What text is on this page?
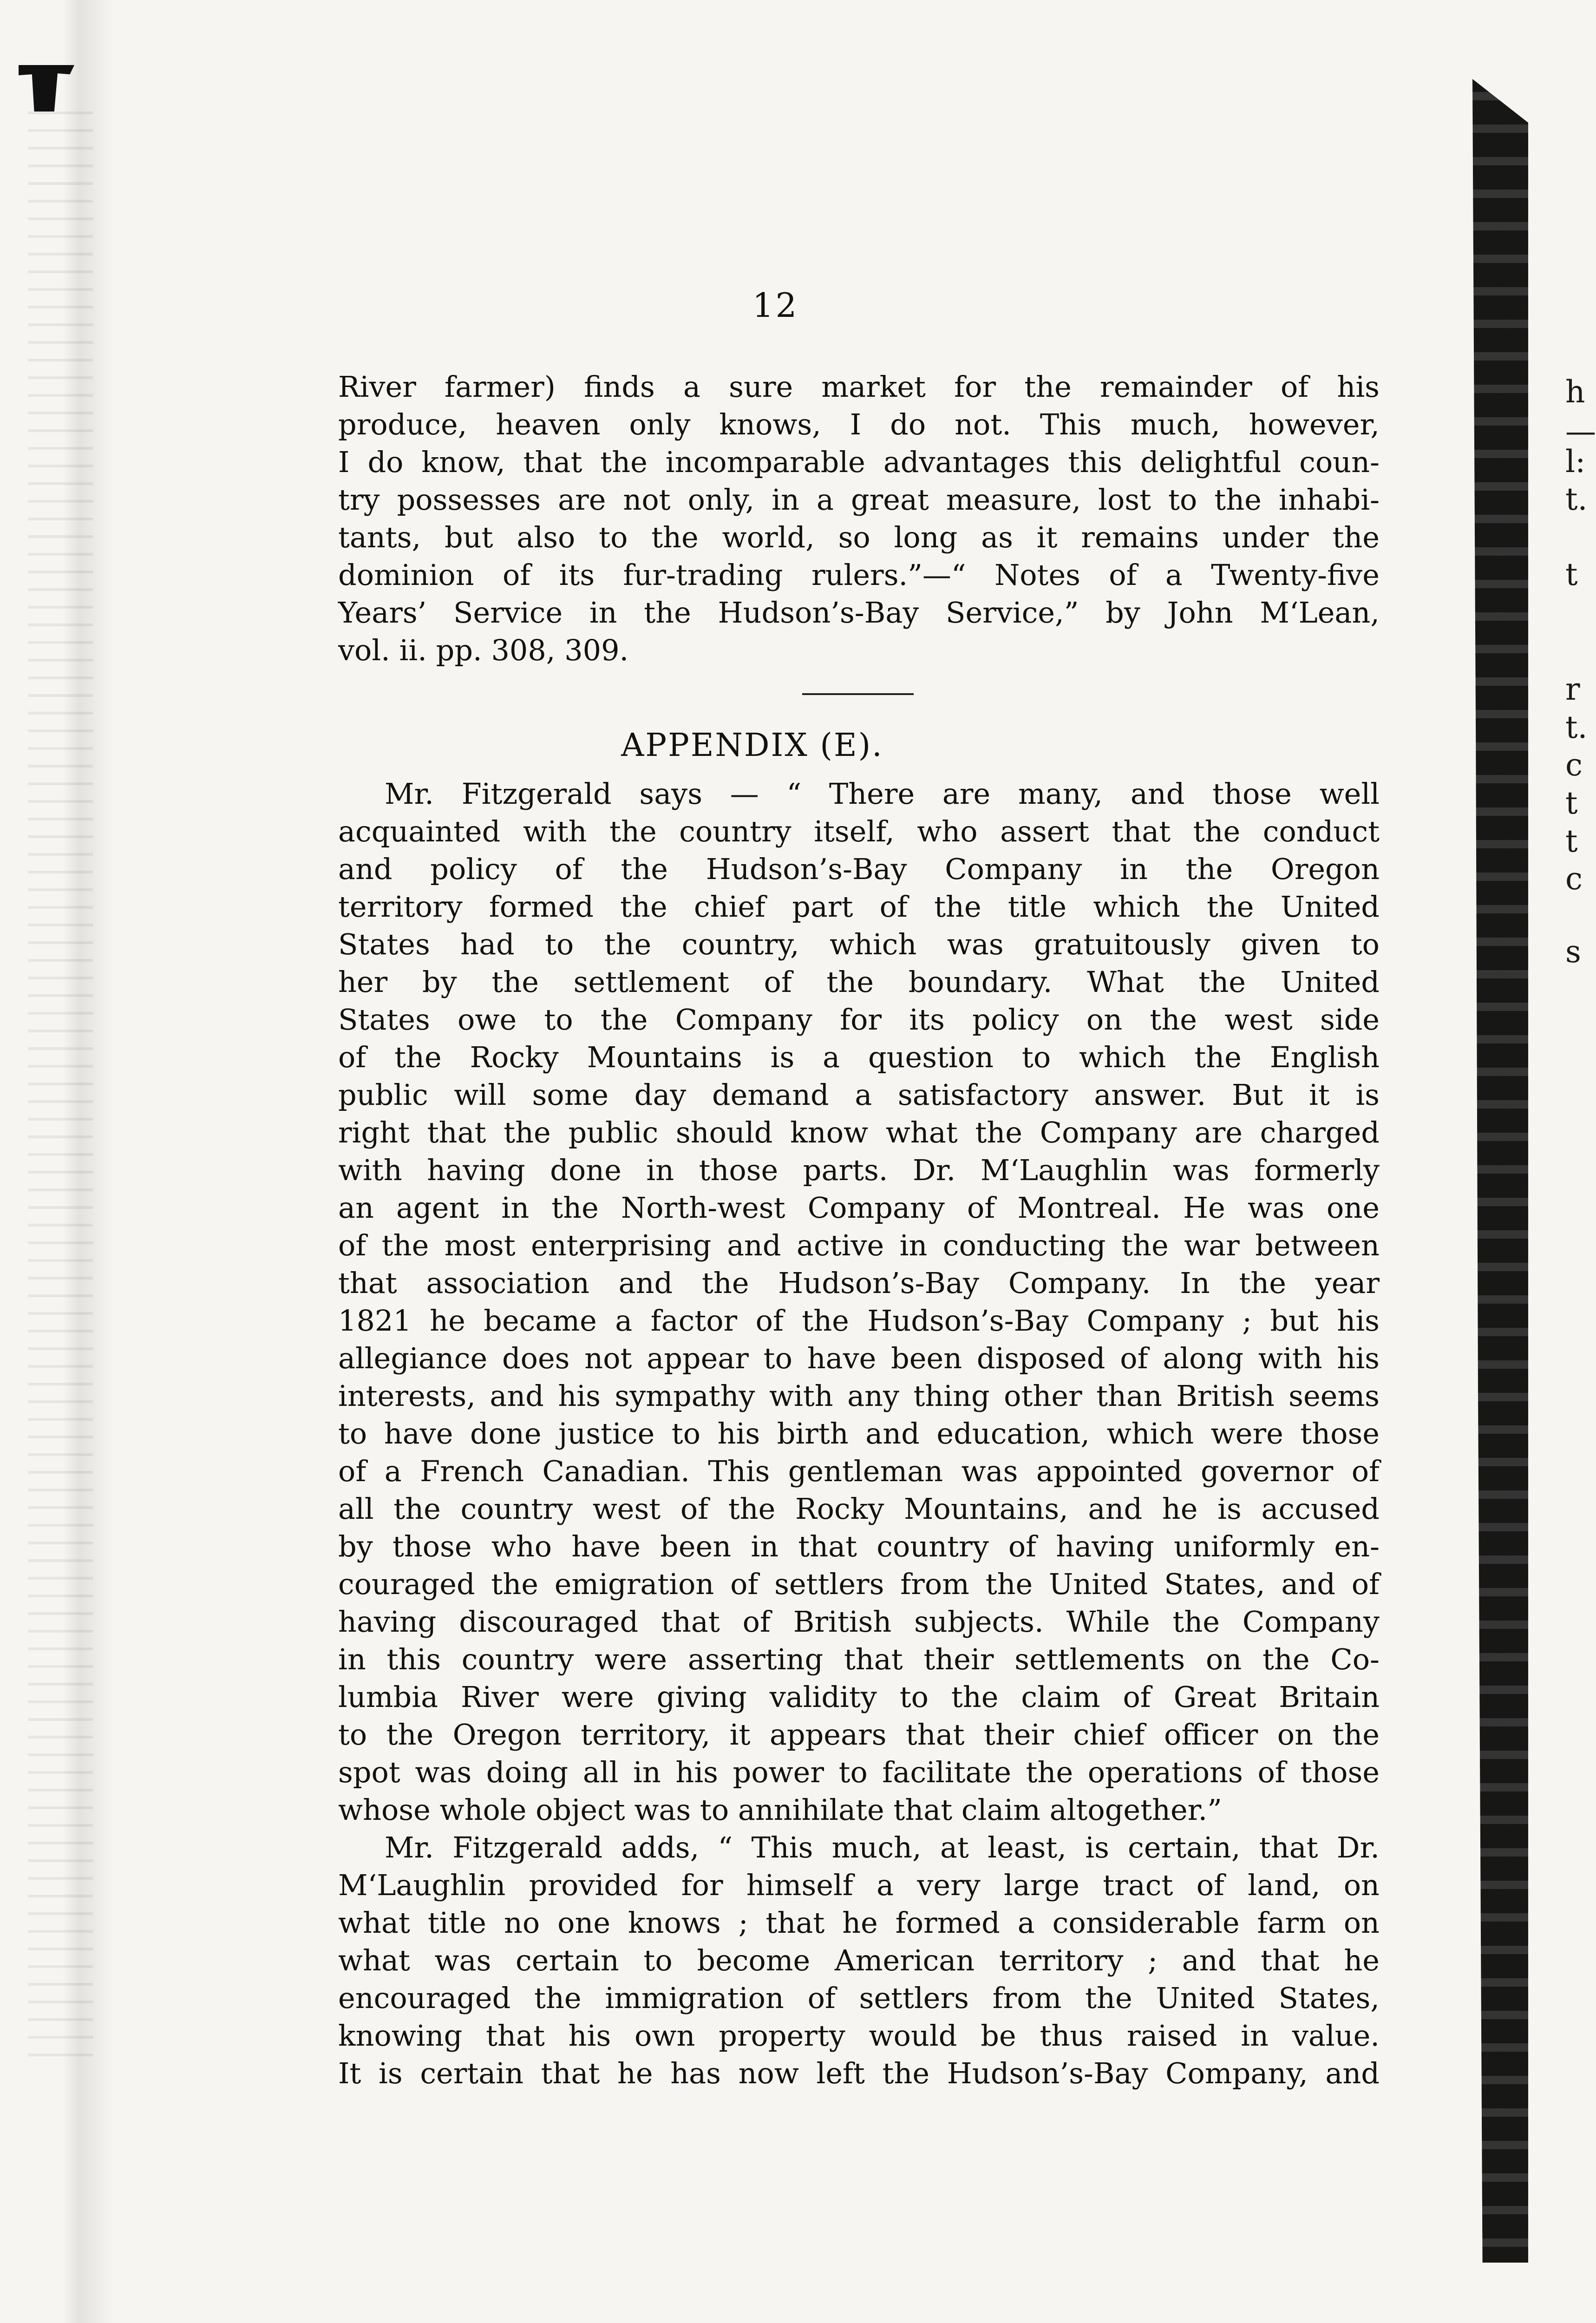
h
—
l:
t.
t
r
t.
c
t
t
c
s
12
River farmer) finds a sure market for the remainder of his
produce, heaven only knows, I do not. This much, however,
I do know, that the incomparable advantages this delightful coun-
try possesses are not only, in a great measure, lost to the inhabi-
tants, but also to the world, so long as it remains under the
dominion of its fur-trading rulers.”—“ Notes of a Twenty-five
Years’ Service in the Hudson’s-Bay Service,” by John M‘Lean,
vol. ii. pp. 308, 309.
APPENDIX (E).
Mr. Fitzgerald says — “ There are many, and those well
acquainted with the country itself, who assert that the conduct
and policy of the Hudson’s-Bay Company in the Oregon
territory formed the chief part of the title which the United
States had to the country, which was gratuitously given to
her by the settlement of the boundary. What the United
States owe to the Company for its policy on the west side
of the Rocky Mountains is a question to which the English
public will some day demand a satisfactory answer. But it is
right that the public should know what the Company are charged
with having done in those parts. Dr. M‘Laughlin was formerly
an agent in the North-west Company of Montreal. He was one
of the most enterprising and active in conducting the war between
that association and the Hudson’s-Bay Company. In the year
1821 he became a factor of the Hudson’s-Bay Company ; but his
allegiance does not appear to have been disposed of along with his
interests, and his sympathy with any thing other than British seems
to have done justice to his birth and education, which were those
of a French Canadian. This gentleman was appointed governor of
all the country west of the Rocky Mountains, and he is accused
by those who have been in that country of having uniformly en-
couraged the emigration of settlers from the United States, and of
having discouraged that of British subjects. While the Company
in this country were asserting that their settlements on the Co-
lumbia River were giving validity to the claim of Great Britain
to the Oregon territory, it appears that their chief officer on the
spot was doing all in his power to facilitate the operations of those
whose whole object was to annihilate that claim altogether.”
Mr. Fitzgerald adds, “ This much, at least, is certain, that Dr.
M‘Laughlin provided for himself a very large tract of land, on
what title no one knows ; that he formed a considerable farm on
what was certain to become American territory ; and that he
encouraged the immigration of settlers from the United States,
knowing that his own property would be thus raised in value.
It is certain that he has now left the Hudson’s-Bay Company, and
